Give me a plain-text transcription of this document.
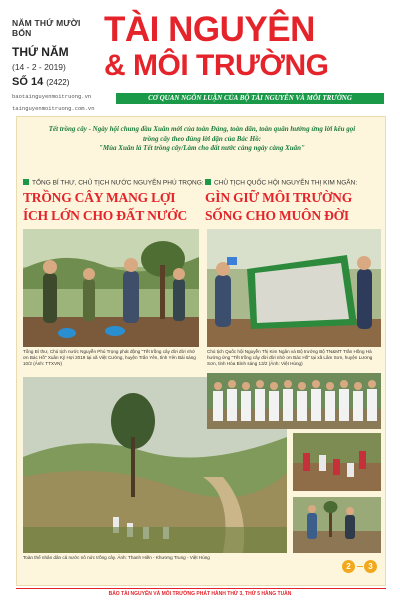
NĂM THỨ MƯỜI BỐN
THỨ NĂM
(14 - 2 - 2019)
SỐ 14 (2422)
baotainguyenmoitruong.vn
tainguyenmoitruong.com.vn
TÀI NGUYÊN
& MÔI TRƯỜNG
CƠ QUAN NGÔN LUẬN CỦA BỘ TÀI NGUYÊN VÀ MÔI TRƯỜNG
Tết trồng cây - Ngày hội chung đầu Xuân mới của toàn Đảng, toàn dân, toàn quân hưởng ứng lời kêu gọi
trồng cây theo đúng lời dặn của Bác Hồ:
"Mùa Xuân là Tết trồng cây/Làm cho đất nước càng ngày càng Xuân"
TỔNG BÍ THƯ, CHỦ TỊCH NƯỚC NGUYỄN PHÚ TRỌNG:
TRỒNG CÂY MANG LỢI
ÍCH LỚN CHO ĐẤT NƯỚC
CHỦ TỊCH QUỐC HỘI NGUYỄN THỊ KIM NGÂN:
GÌN GIỮ MÔI TRƯỜNG
SỐNG CHO MUÔN ĐỜI
Tổng Bí thư, Chủ tịch nước Nguyễn Phú Trọng phát động "Tết trồng cây đời đời nhớ ơn Bác Hồ" Xuân Kỷ Hợi 2019 tại xã Việt Cường, huyện Trấn Yên, tỉnh Yên Bái sáng 10/2 (Ảnh: TTXVN)
Chủ tịch Quốc hội Nguyễn Thị Kim Ngân và Bộ trưởng Bộ TN&MT Trần Hồng Hà hưởng ứng "Tết trồng cây đời đời nhớ ơn Bác Hồ" tại xã Lâm Sơn, huyện Lương Sơn, tỉnh Hòa Bình sáng 13/2 (Ảnh: Việt Hùng)
Toàn thể nhân dân cả nước nô nức trồng cây. Ảnh: Thanh Hiền - Khương Trung - Việt Hùng
2	3
BÁO TÀI NGUYÊN VÀ MÔI TRƯỜNG PHÁT HÀNH THỨ 3, THỨ 5 HẰNG TUẦN
